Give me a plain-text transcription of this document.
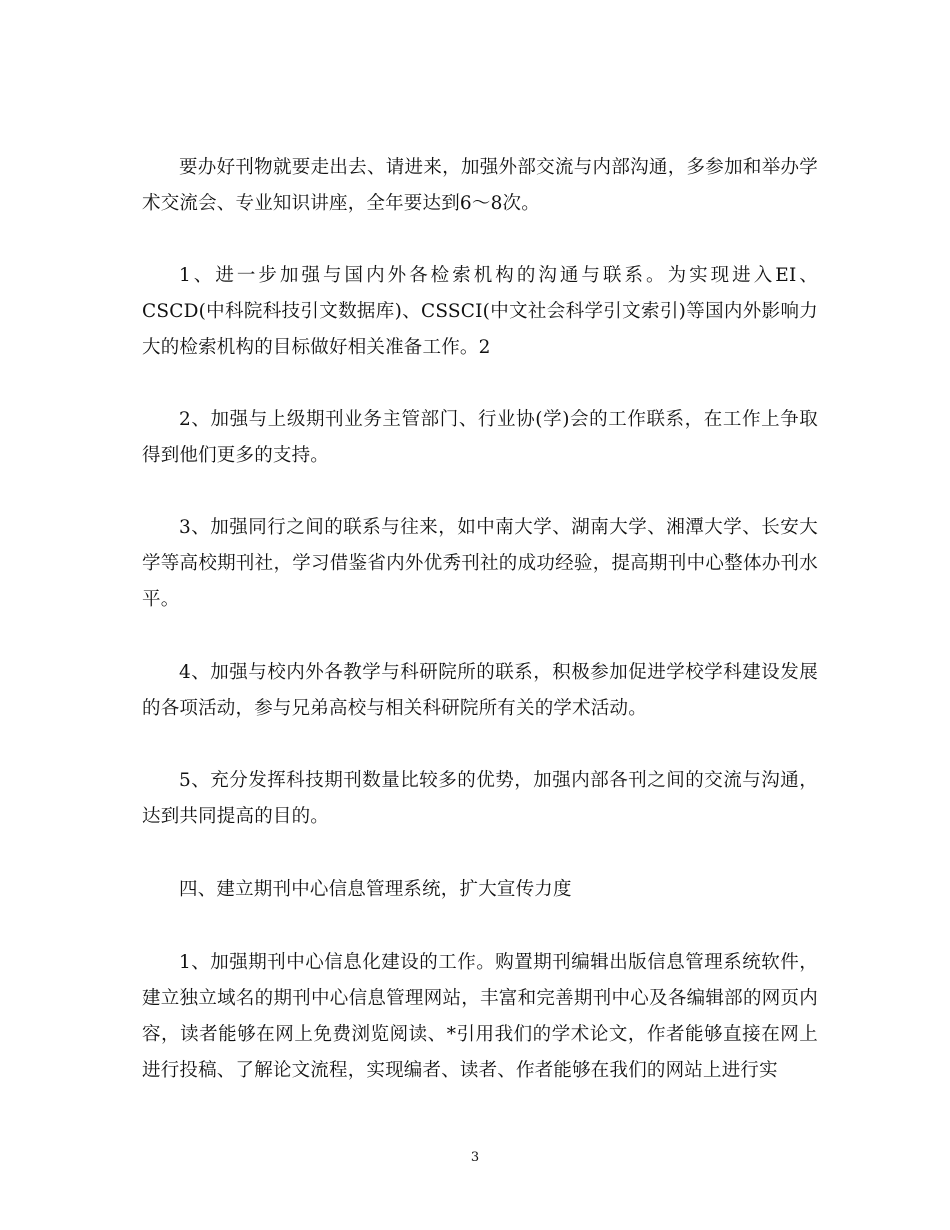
要办好刊物就要走出去、请进来，加强外部交流与内部沟通，多参加和举办学术交流会、专业知识讲座，全年要达到6～8次。

1、进一步加强与国内外各检索机构的沟通与联系。为实现进入EI、CSCD(中科院科技引文数据库)、CSSCI(中文社会科学引文索引)等国内外影响力大的检索机构的目标做好相关准备工作。2

2、加强与上级期刊业务主管部门、行业协(学)会的工作联系，在工作上争取得到他们更多的支持。

3、加强同行之间的联系与往来，如中南大学、湖南大学、湘潭大学、长安大学等高校期刊社，学习借鉴省内外优秀刊社的成功经验，提高期刊中心整体办刊水平。

4、加强与校内外各教学与科研院所的联系，积极参加促进学校学科建设发展的各项活动，参与兄弟高校与相关科研院所有关的学术活动。

5、充分发挥科技期刊数量比较多的优势，加强内部各刊之间的交流与沟通，达到共同提高的目的。

四、建立期刊中心信息管理系统，扩大宣传力度

1、加强期刊中心信息化建设的工作。购置期刊编辑出版信息管理系统软件，建立独立域名的期刊中心信息管理网站，丰富和完善期刊中心及各编辑部的网页内容，读者能够在网上免费浏览阅读、*引用我们的学术论文，作者能够直接在网上进行投稿、了解论文流程，实现编者、读者、作者能够在我们的网站上进行实

3
